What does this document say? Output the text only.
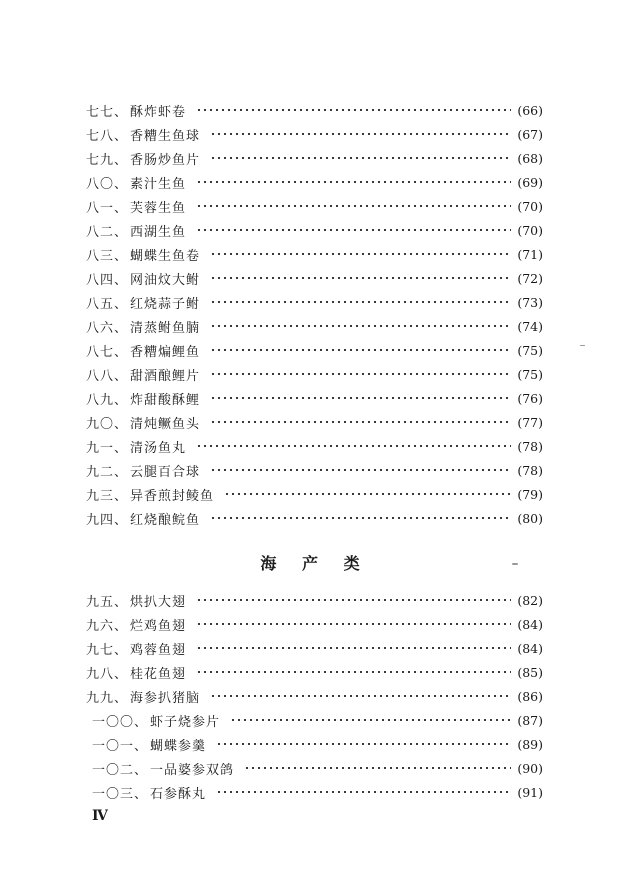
七七、 酥炸虾卷	(66)
七八、 香糟生鱼球	(67)
七九、 香肠炒鱼片	(68)
八〇、 素汁生鱼	(69)
八一、 芙蓉生鱼	(70)
八二、 西湖生鱼	(70)
八三、 蝴蝶生鱼卷	(71)
八四、 网油炆大鲋	(72)
八五、 红烧蒜子鲋	(73)
八六、 清蒸鲋鱼腩	(74)
八七、 香糟煸鲤鱼	(75)
八八、 甜酒酿鲤片	(75)
八九、 炸甜酸酥鲤	(76)
九〇、 清炖鳜鱼头	(77)
九一、 清汤鱼丸	(78)
九二、 云腿百合球	(78)
九三、 异香煎封鲮鱼	(79)
九四、 红烧酿鲩鱼	(80)
海 产 类
九五、 烘扒大翅	(82)
九六、 烂鸡鱼翅	(84)
九七、 鸡蓉鱼翅	(84)
九八、 桂花鱼翅	(85)
九九、 海参扒猪脑	(86)
一〇〇、 虾子烧参片	(87)
一〇一、 蝴蝶参羹	(89)
一〇二、 一品婆参双鸽	(90)
一〇三、 石参酥丸	(91)
Ⅳ
